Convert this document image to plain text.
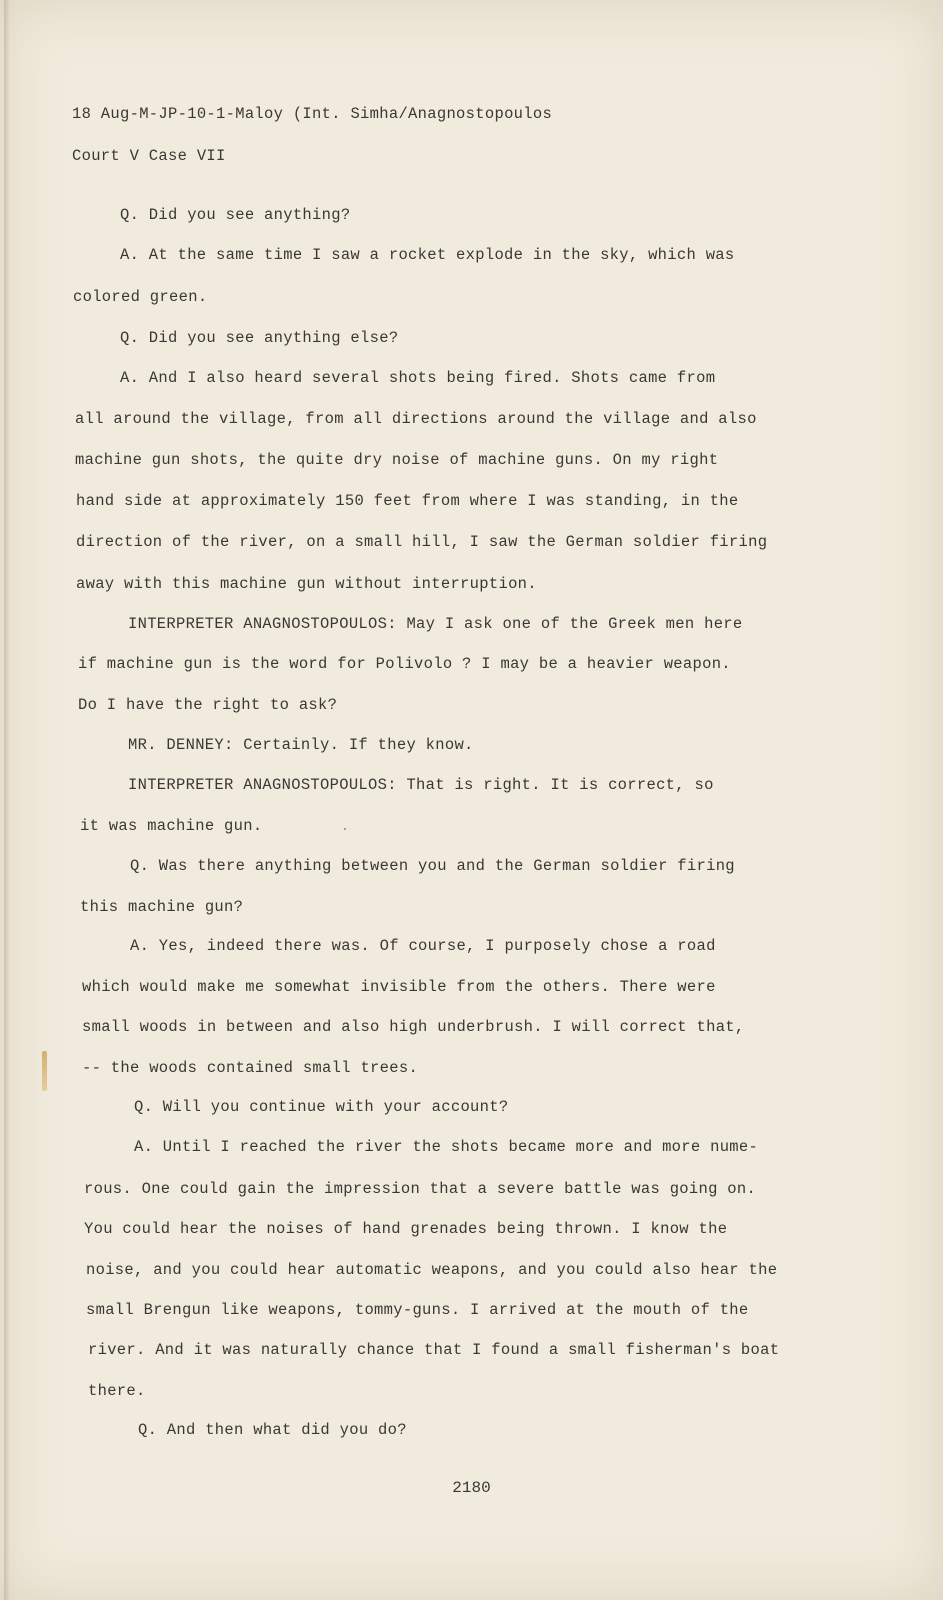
18 Aug-M-JP-10-1-Maloy (Int. Simha/Anagnostopoulos

Court V Case VII

Q. Did you see anything?

A. At the same time I saw a rocket explode in the sky, which was

colored green.

Q. Did you see anything else?

A. And I also heard several shots being fired. Shots came from

all around the village, from all directions around the village and also

machine gun shots, the quite dry noise of machine guns. On my right

hand side at approximately 150 feet from where I was standing, in the

direction of the river, on a small hill, I saw the German soldier firing

away with this machine gun without interruption.

INTERPRETER ANAGNOSTOPOULOS: May I ask one of the Greek men here

if machine gun is the word for Polivolo ? I may be a heavier weapon.

Do I have the right to ask?

MR. DENNEY: Certainly. If they know.

INTERPRETER ANAGNOSTOPOULOS: That is right. It is correct, so

it was machine gun.

Q. Was there anything between you and the German soldier firing

this machine gun?

A. Yes, indeed there was. Of course, I purposely chose a road

which would make me somewhat invisible from the others. There were

small woods in between and also high underbrush. I will correct that,

-- the woods contained small trees.

Q. Will you continue with your account?

A. Until I reached the river the shots became more and more nume-

rous. One could gain the impression that a severe battle was going on.

You could hear the noises of hand grenades being thrown. I know the

noise, and you could hear automatic weapons, and you could also hear the

small Brengun like weapons, tommy-guns. I arrived at the mouth of the

river. And it was naturally chance that I found a small fisherman's boat

there.

Q. And then what did you do?

2180
